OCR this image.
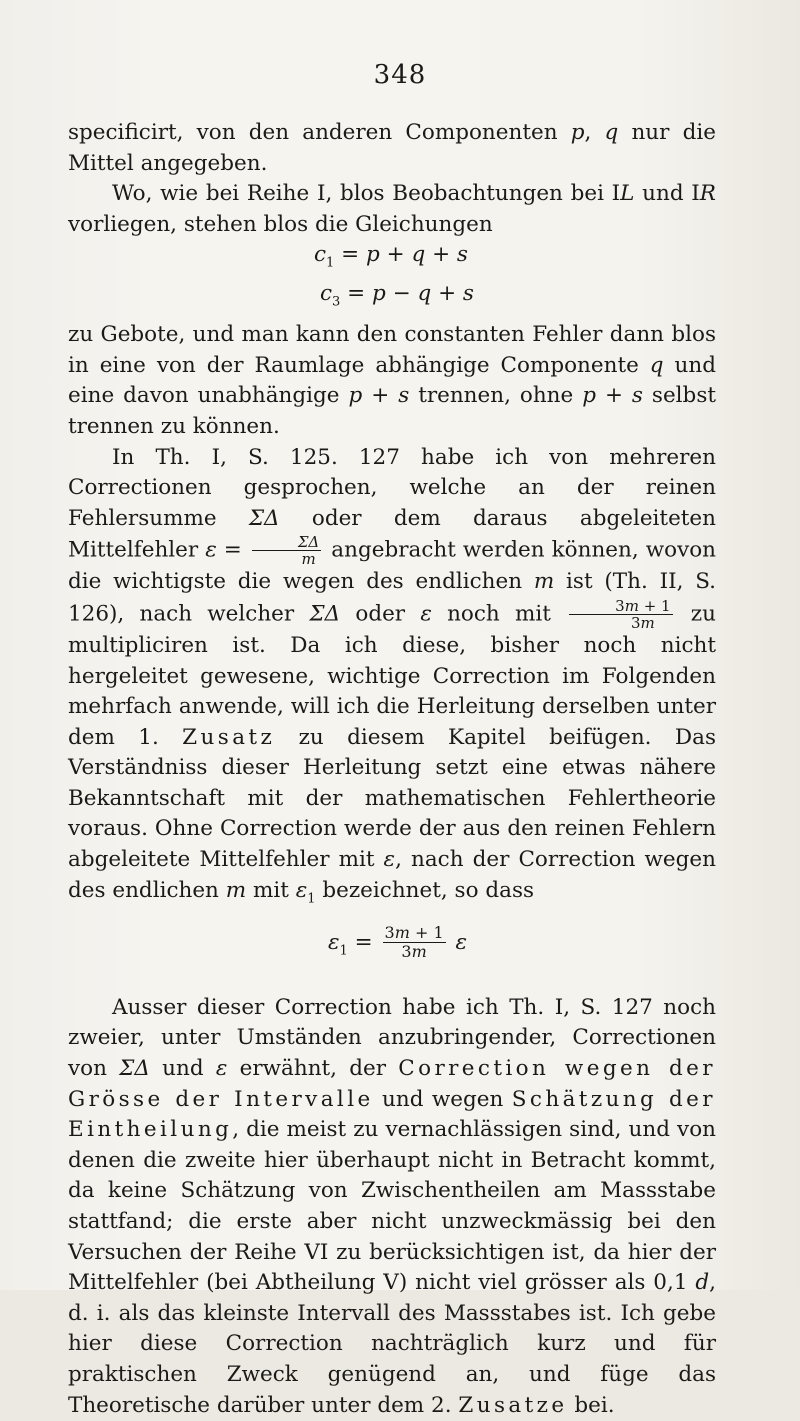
348

specificirt, von den anderen Componenten p, q nur die Mittel angegeben.

Wo, wie bei Reihe I, blos Beobachtungen bei IL und IR vorliegen, stehen blos die Gleichungen

$c_1 = p + q + s$
$c_3 = p - q + s$

zu Gebote, und man kann den constanten Fehler dann blos in eine von der Raumlage abhängige Componente q und eine davon unabhängige p + s trennen, ohne p + s selbst trennen zu können.

In Th. I, S. 125. 127 habe ich von mehreren Correctionen gesprochen, welche an der reinen Fehlersumme ΣΔ oder dem daraus abgeleiteten Mittelfehler $\varepsilon = \frac{\Sigma\Delta}{m}$ angebracht werden können, wovon die wichtigste die wegen des endlichen m ist (Th. II, S. 126), nach welcher ΣΔ oder ε noch mit $\frac{3m + 1}{3m}$ zu multipliciren ist. Da ich diese, bisher noch nicht hergeleitet gewesene, wichtige Correction im Folgenden mehrfach anwende, will ich die Herleitung derselben unter dem 1. Zusatz zu diesem Kapitel beifügen. Das Verständniss dieser Herleitung setzt eine etwas nähere Bekanntschaft mit der mathematischen Fehlertheorie voraus. Ohne Correction werde der aus den reinen Fehlern abgeleitete Mittelfehler mit ε, nach der Correction wegen des endlichen m mit $\varepsilon_1$ bezeichnet, so dass

$\varepsilon_1 = \frac{3m + 1}{3m}$ ε

Ausser dieser Correction habe ich Th. I, S. 127 noch zweier, unter Umständen anzubringender, Correctionen von ΣΔ und ε erwähnt, der Correction wegen der Grösse der Intervalle und wegen Schätzung der Eintheilung, die meist zu vernachlässigen sind, und von denen die zweite hier überhaupt nicht in Betracht kommt, da keine Schätzung von Zwischentheilen am Massstabe stattfand; die erste aber nicht unzweckmässig bei den Versuchen der Reihe VI zu berücksichtigen ist, da hier der Mittelfehler (bei Abtheilung V) nicht viel grösser als 0,1 d, d. i. als das kleinste Intervall des Massstabes ist. Ich gebe hier diese Correction nachträglich kurz und für praktischen Zweck genügend an, und füge das Theoretische darüber unter dem 2. Zusatze bei.
